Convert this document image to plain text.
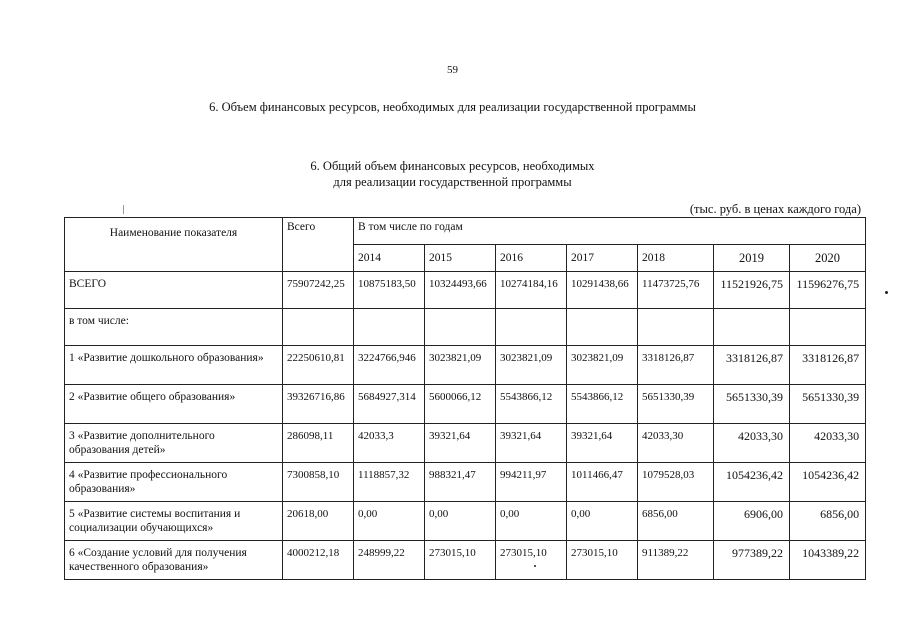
59
6. Объем финансовых ресурсов, необходимых для реализации государственной программы
6. Общий объем финансовых ресурсов, необходимых
для реализации государственной программы
(тыс. руб. в ценах каждого года)
Наименование показателя	Всего	В том числе по годам						
		2014	2015	2016	2017	2018	2019	2020
ВСЕГО	75907242,25	10875183,50	10324493,66	10274184,16	10291438,66	11473725,76	11521926,75	11596276,75
в том числе:								
1 «Развитие дошкольного образования»	22250610,81	3224766,946	3023821,09	3023821,09	3023821,09	3318126,87	3318126,87	3318126,87
2 «Развитие общего образования»	39326716,86	5684927,314	5600066,12	5543866,12	5543866,12	5651330,39	5651330,39	5651330,39
3 «Развитие дополнительного образования детей»	286098,11	42033,3	39321,64	39321,64	39321,64	42033,30	42033,30	42033,30
4 «Развитие профессионального образования»	7300858,10	1118857,32	988321,47	994211,97	1011466,47	1079528,03	1054236,42	1054236,42
5 «Развитие системы воспитания и социализации обучающихся»	20618,00	0,00	0,00	0,00	0,00	6856,00	6906,00	6856,00
6 «Создание условий для получения качественного образования»	4000212,18	248999,22	273015,10	273015,10	273015,10	911389,22	977389,22	1043389,22
